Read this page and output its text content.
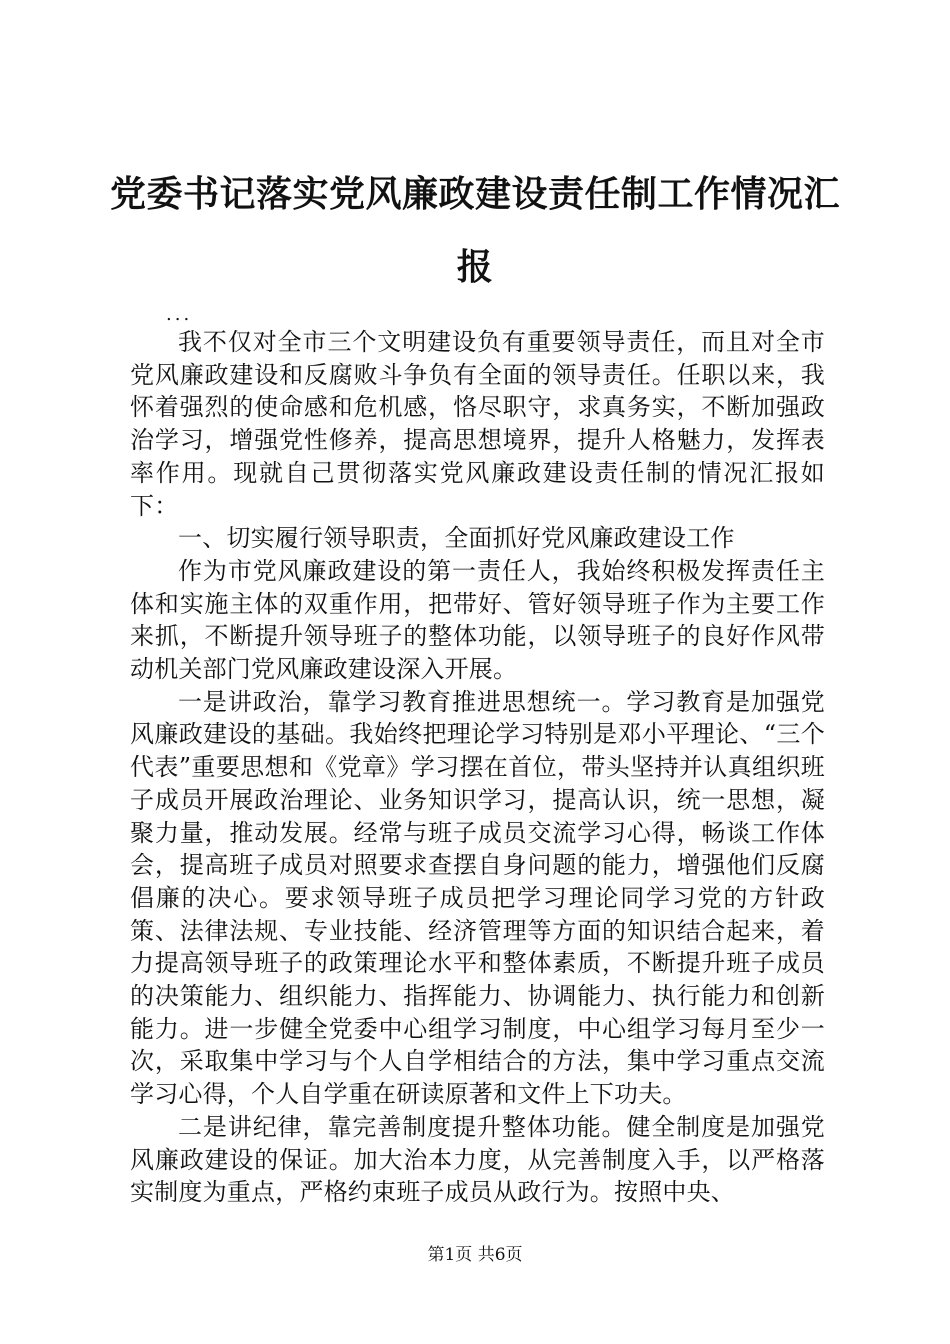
党委书记落实党风廉政建设责任制工作情况汇报

...

我不仅对全市三个文明建设负有重要领导责任，而且对全市党风廉政建设和反腐败斗争负有全面的领导责任。任职以来，我怀着强烈的使命感和危机感，恪尽职守，求真务实，不断加强政治学习，增强党性修养，提高思想境界，提升人格魅力，发挥表率作用。现就自己贯彻落实党风廉政建设责任制的情况汇报如下：

一、切实履行领导职责，全面抓好党风廉政建设工作

作为市党风廉政建设的第一责任人，我始终积极发挥责任主体和实施主体的双重作用，把带好、管好领导班子作为主要工作来抓，不断提升领导班子的整体功能，以领导班子的良好作风带动机关部门党风廉政建设深入开展。

一是讲政治，靠学习教育推进思想统一。学习教育是加强党风廉政建设的基础。我始终把理论学习特别是邓小平理论、“三个代表”重要思想和《党章》学习摆在首位，带头坚持并认真组织班子成员开展政治理论、业务知识学习，提高认识，统一思想，凝聚力量，推动发展。经常与班子成员交流学习心得，畅谈工作体会，提高班子成员对照要求查摆自身问题的能力，增强他们反腐倡廉的决心。要求领导班子成员把学习理论同学习党的方针政策、法律法规、专业技能、经济管理等方面的知识结合起来，着力提高领导班子的政策理论水平和整体素质，不断提升班子成员的决策能力、组织能力、指挥能力、协调能力、执行能力和创新能力。进一步健全党委中心组学习制度，中心组学习每月至少一次，采取集中学习与个人自学相结合的方法，集中学习重点交流学习心得，个人自学重在研读原著和文件上下功夫。

二是讲纪律，靠完善制度提升整体功能。健全制度是加强党风廉政建设的保证。加大治本力度，从完善制度入手，以严格落实制度为重点，严格约束班子成员从政行为。按照中央、

第1页 共6页
